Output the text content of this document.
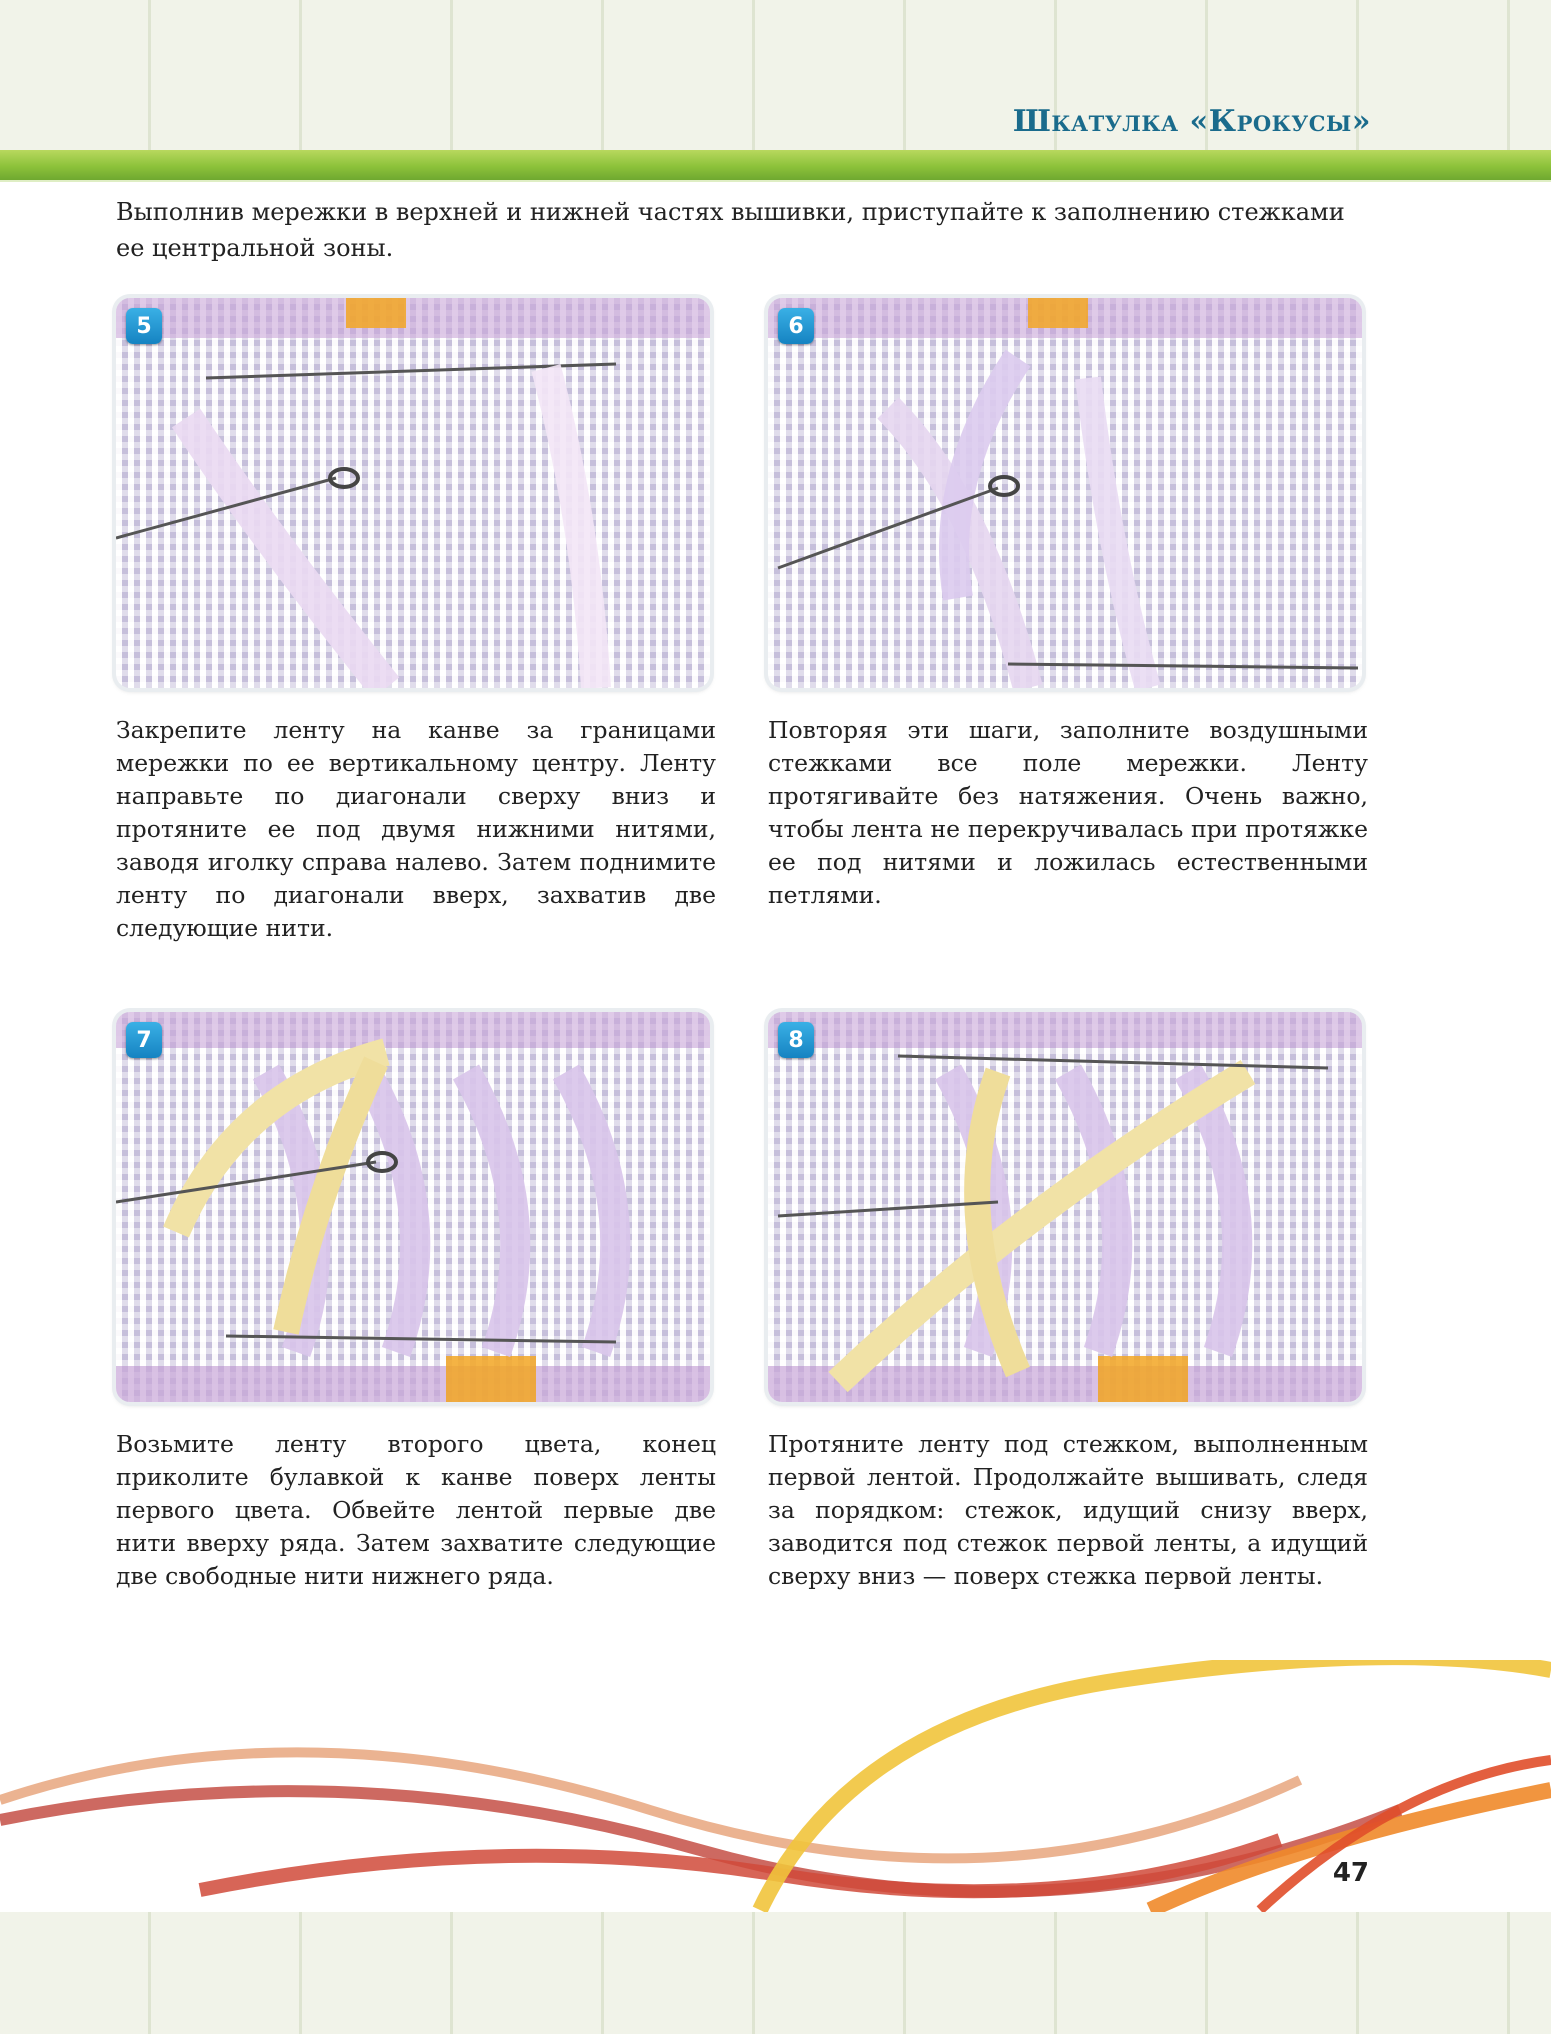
Шкатулка «Крокусы»

Выполнив мережки в верхней и нижней частях вышивки, приступайте к заполнению стежками ее центральной зоны.

5	6

Закрепите ленту на канве за границами мережки по ее вертикальному центру. Ленту направьте по диагонали сверху вниз и протяните ее под двумя нижними нитями, заводя иголку справа налево. Затем поднимите ленту по диагонали вверх, захватив две следующие нити.

Повторяя эти шаги, заполните воздушными стежками все поле мережки. Ленту протягивайте без натяжения. Очень важно, чтобы лента не перекручивалась при протяжке ее под нитями и ложилась естественными петлями.

7	8

Возьмите ленту второго цвета, конец приколите булавкой к канве поверх ленты первого цвета. Обвейте лентой первые две нити вверху ряда. Затем захватите следующие две свободные нити нижнего ряда.

Протяните ленту под стежком, выполненным первой лентой. Продолжайте вышивать, следя за порядком: стежок, идущий снизу вверх, заводится под стежок первой ленты, а идущий сверху вниз — поверх стежка первой ленты.

47
